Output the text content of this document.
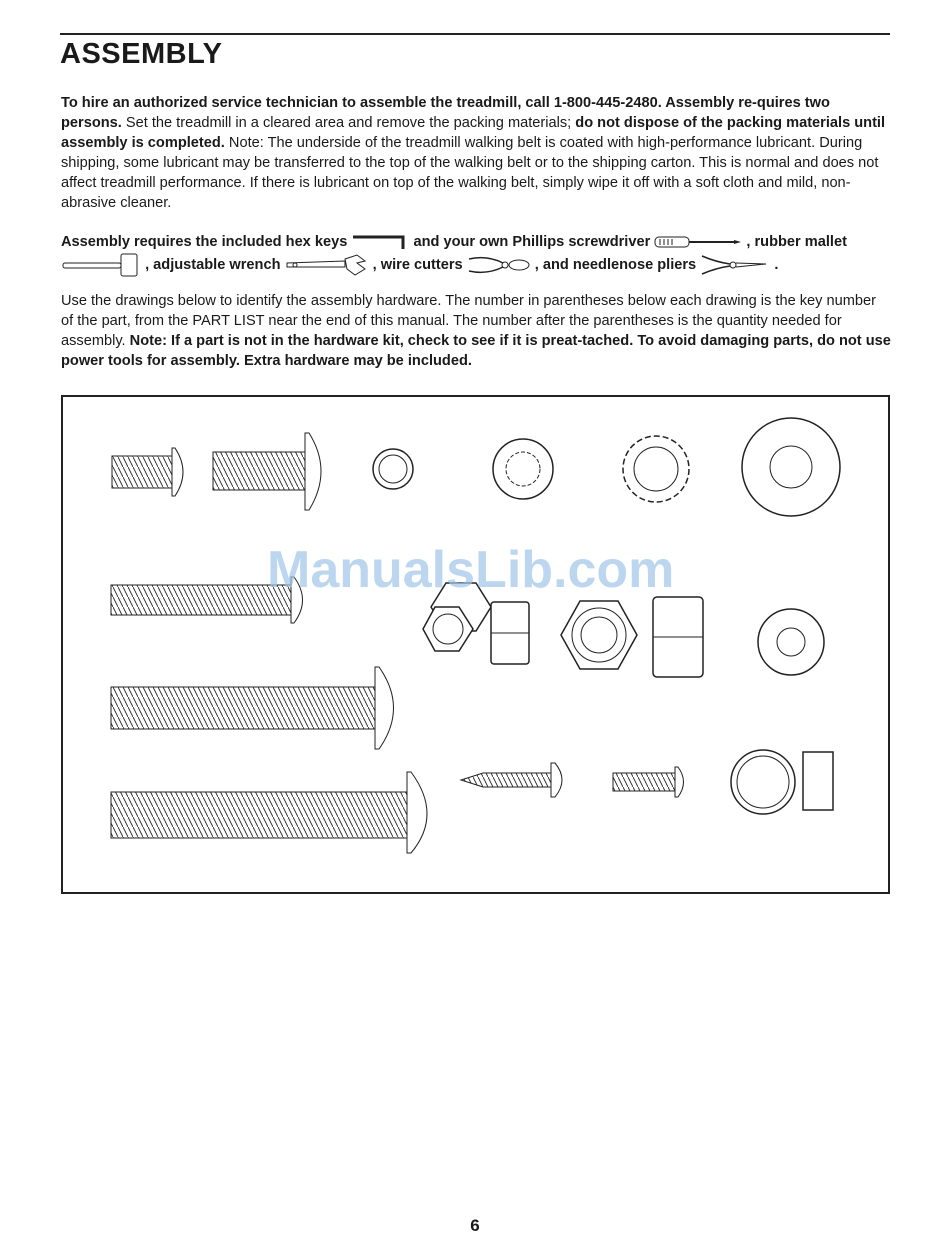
ASSEMBLY
To hire an authorized service technician to assemble the treadmill, call 1-800-445-2480. Assembly re-quires two persons. Set the treadmill in a cleared area and remove the packing materials; do not dispose of the packing materials until assembly is completed. Note: The underside of the treadmill walking belt is coated with high-performance lubricant. During shipping, some lubricant may be transferred to the top of the walking belt or to the shipping carton. This is normal and does not affect treadmill performance. If there is lubricant on top of the walking belt, simply wipe it off with a soft cloth and mild, non-abrasive cleaner.
Assembly requires the included hex keys	and your own Phillips screwdriver	, rubber mallet  , adjustable wrench	, wire cutters	, and needlenose pliers	.
Use the drawings below to identify the assembly hardware. The number in parentheses below each drawing is the key number of the part, from the PART LIST near the end of this manual. The number after the parentheses is the quantity needed for assembly. Note: If a part is not in the hardware kit, check to see if it is preat-tached. To avoid damaging parts, do not use power tools for assembly. Extra hardware may be included.
ManualsLib.com
6
